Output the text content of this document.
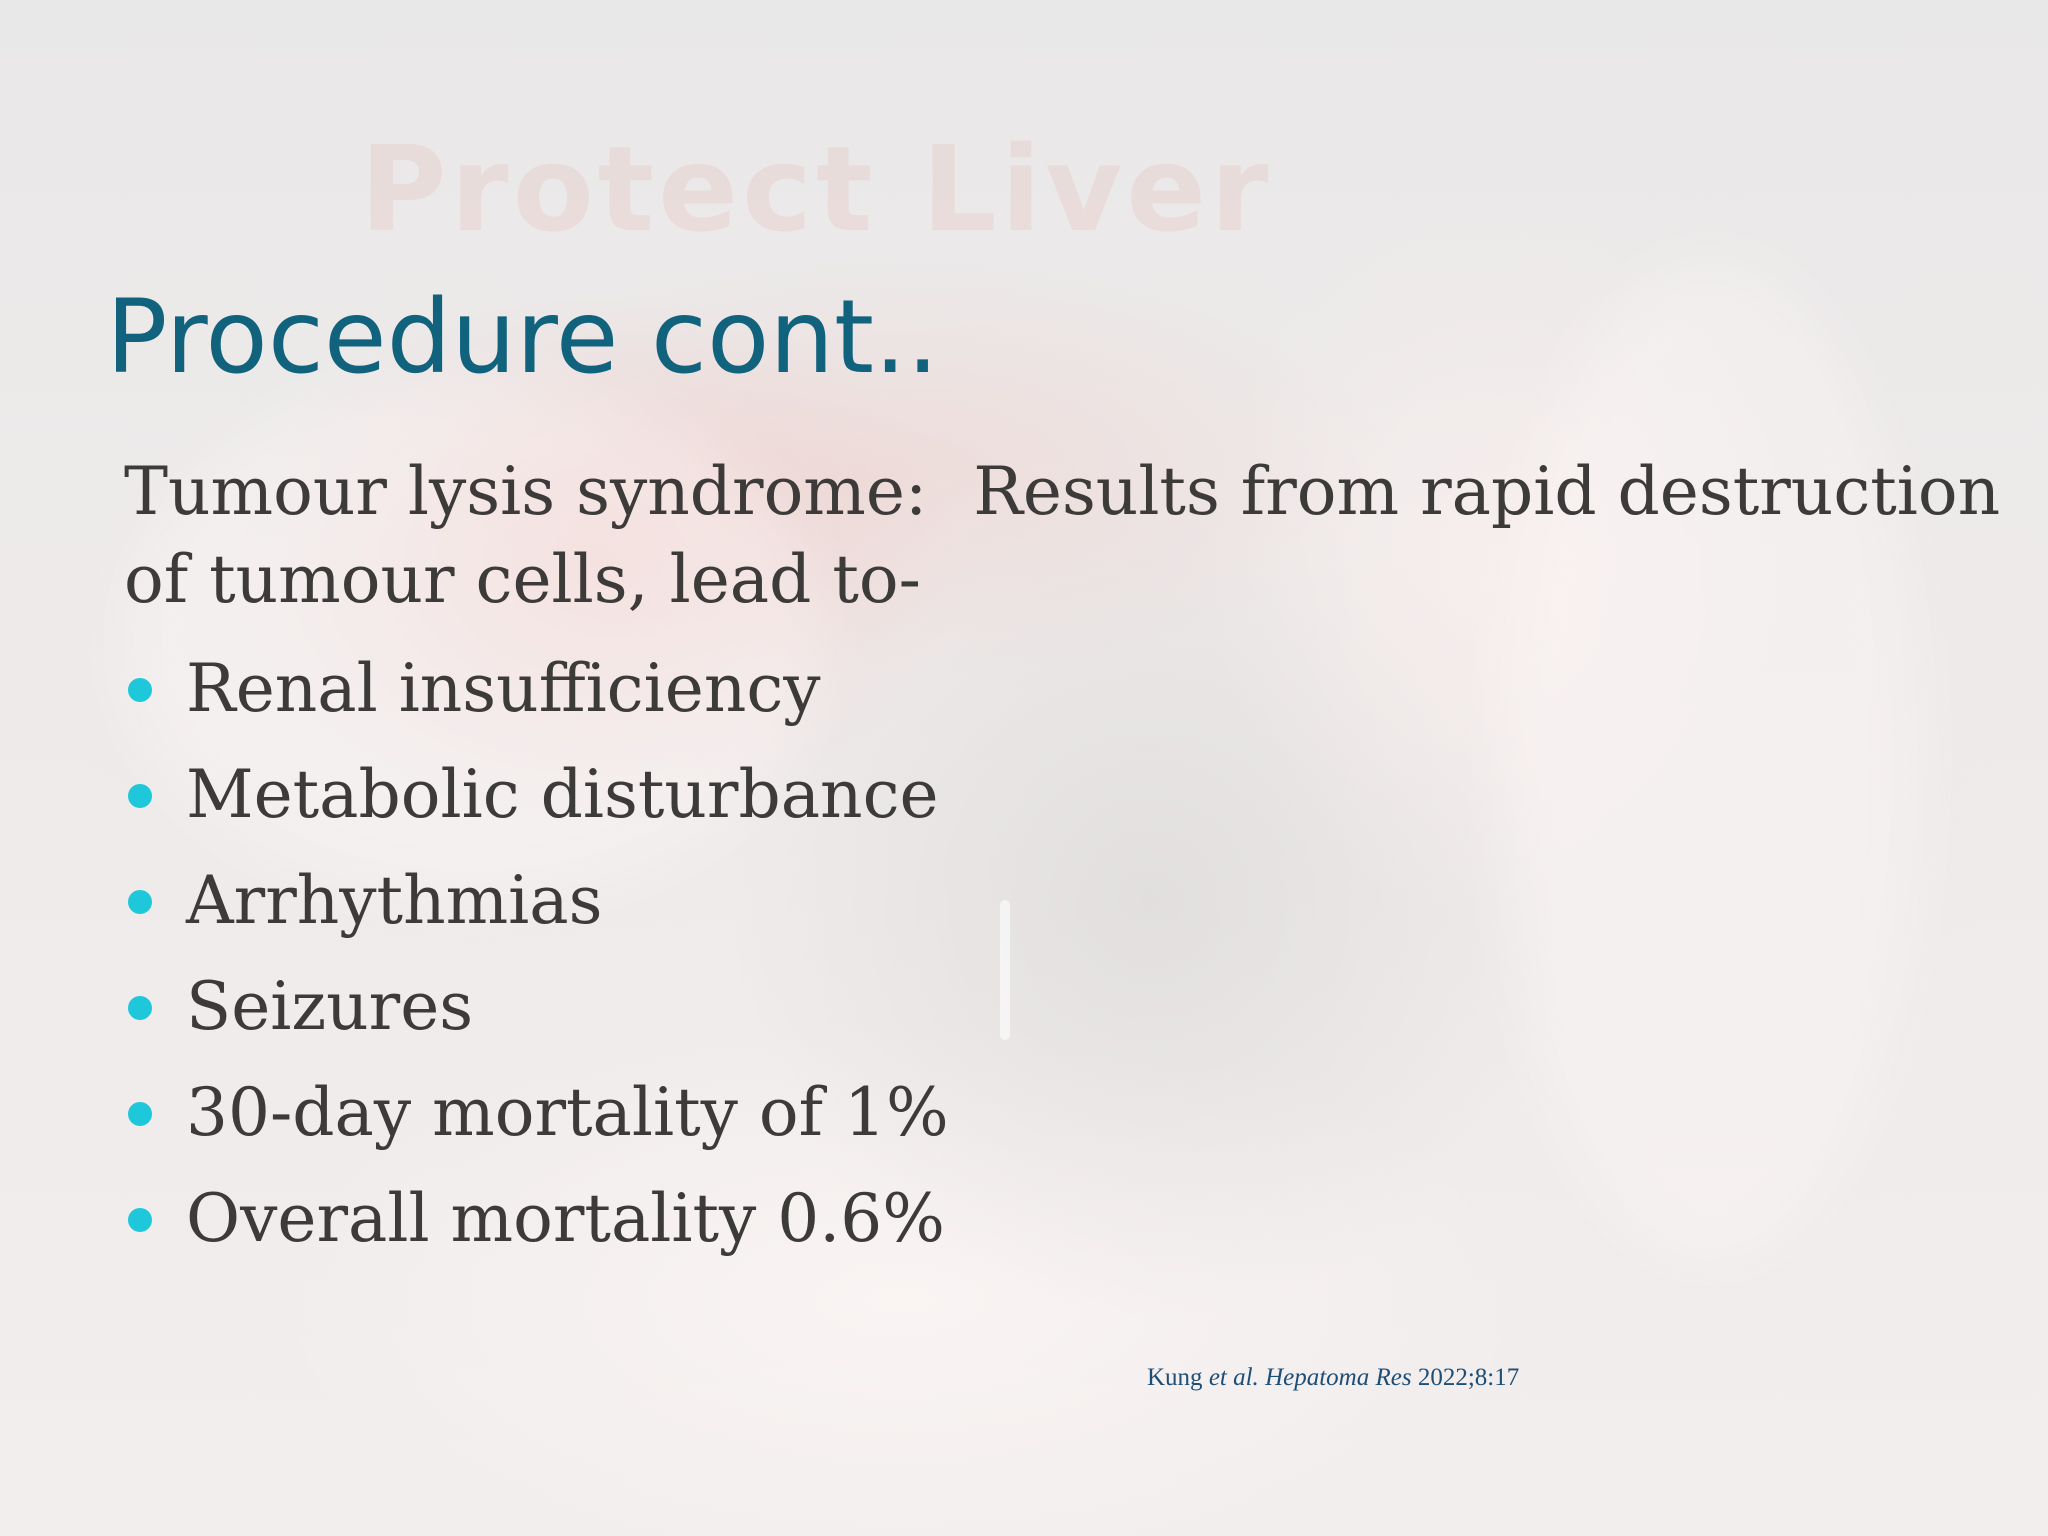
Protect Liver
Procedure cont..
Tumour lysis syndrome: Results from rapid destruction
of tumour cells, lead to-
Renal insufficiency
Metabolic disturbance
Arrhythmias
Seizures
30-day mortality of 1%
Overall mortality 0.6%
Kung et al. Hepatoma Res 2022;8:17
